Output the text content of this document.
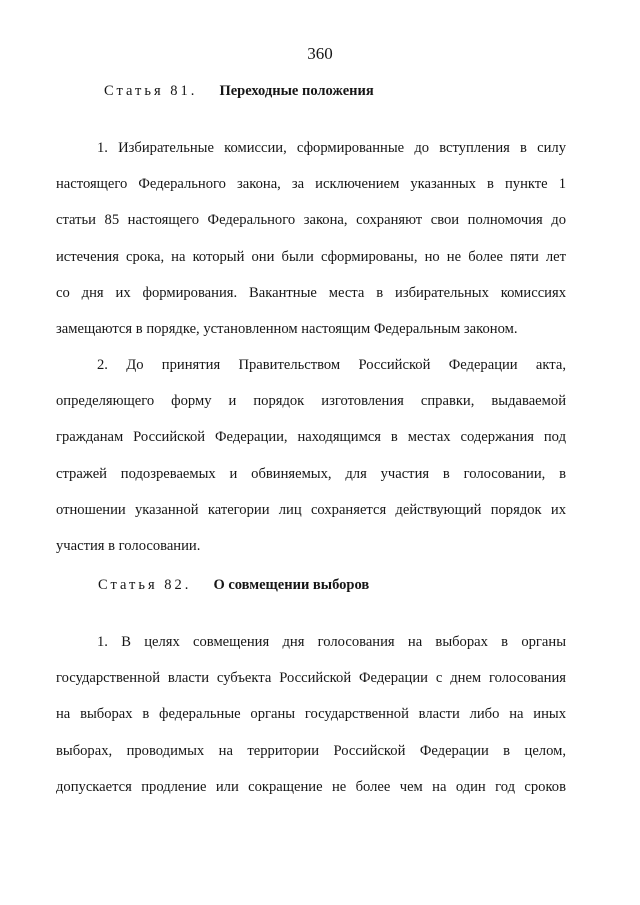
360
Статья 81. Переходные положения
1. Избирательные комиссии, сформированные до вступления в силу
настоящего Федерального закона, за исключением указанных в пункте 1
статьи 85 настоящего Федерального закона, сохраняют свои полномочия до
истечения срока, на который они были сформированы, но не более пяти лет
со дня их формирования. Вакантные места в избирательных комиссиях
замещаются в порядке, установленном настоящим Федеральным законом.
2. До принятия Правительством Российской Федерации акта,
определяющего форму и порядок изготовления справки, выдаваемой
гражданам Российской Федерации, находящимся в местах содержания под
стражей подозреваемых и обвиняемых, для участия в голосовании, в
отношении указанной категории лиц сохраняется действующий порядок их
участия в голосовании.
Статья 82. О совмещении выборов
1. В целях совмещения дня голосования на выборах в органы
государственной власти субъекта Российской Федерации с днем голосования
на выборах в федеральные органы государственной власти либо на иных
выборах, проводимых на территории Российской Федерации в целом,
допускается продление или сокращение не более чем на один год сроков
